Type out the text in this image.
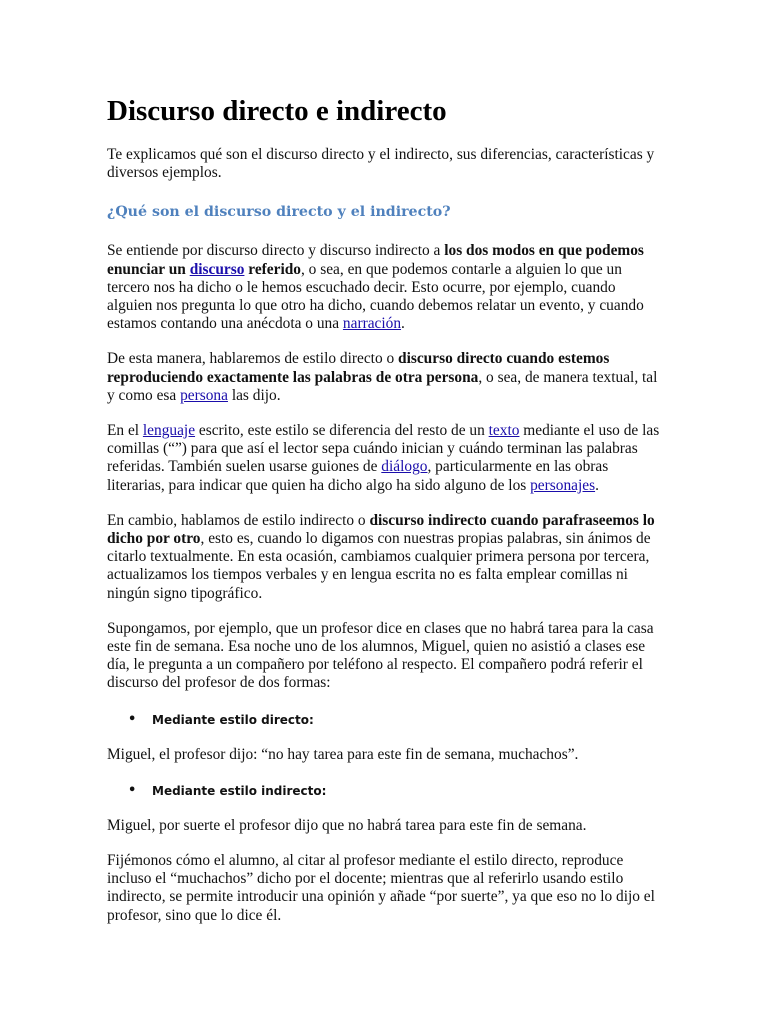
Discurso directo e indirecto

Te explicamos qué son el discurso directo y el indirecto, sus diferencias, características y diversos ejemplos.

¿Qué son el discurso directo y el indirecto?

Se entiende por discurso directo y discurso indirecto a los dos modos en que podemos enunciar un discurso referido, o sea, en que podemos contarle a alguien lo que un tercero nos ha dicho o le hemos escuchado decir. Esto ocurre, por ejemplo, cuando alguien nos pregunta lo que otro ha dicho, cuando debemos relatar un evento, y cuando estamos contando una anécdota o una narración.

De esta manera, hablaremos de estilo directo o discurso directo cuando estemos reproduciendo exactamente las palabras de otra persona, o sea, de manera textual, tal y como esa persona las dijo.

En el lenguaje escrito, este estilo se diferencia del resto de un texto mediante el uso de las comillas (“”) para que así el lector sepa cuándo inician y cuándo terminan las palabras referidas. También suelen usarse guiones de diálogo, particularmente en las obras literarias, para indicar que quien ha dicho algo ha sido alguno de los personajes.

En cambio, hablamos de estilo indirecto o discurso indirecto cuando parafraseemos lo dicho por otro, esto es, cuando lo digamos con nuestras propias palabras, sin ánimos de citarlo textualmente. En esta ocasión, cambiamos cualquier primera persona por tercera, actualizamos los tiempos verbales y en lengua escrita no es falta emplear comillas ni ningún signo tipográfico.

Supongamos, por ejemplo, que un profesor dice en clases que no habrá tarea para la casa este fin de semana. Esa noche uno de los alumnos, Miguel, quien no asistió a clases ese día, le pregunta a un compañero por teléfono al respecto. El compañero podrá referir el discurso del profesor de dos formas:

• Mediante estilo directo:

Miguel, el profesor dijo: “no hay tarea para este fin de semana, muchachos”.

• Mediante estilo indirecto:

Miguel, por suerte el profesor dijo que no habrá tarea para este fin de semana.

Fijémonos cómo el alumno, al citar al profesor mediante el estilo directo, reproduce incluso el “muchachos” dicho por el docente; mientras que al referirlo usando estilo indirecto, se permite introducir una opinión y añade “por suerte”, ya que eso no lo dijo el profesor, sino que lo dice él.
